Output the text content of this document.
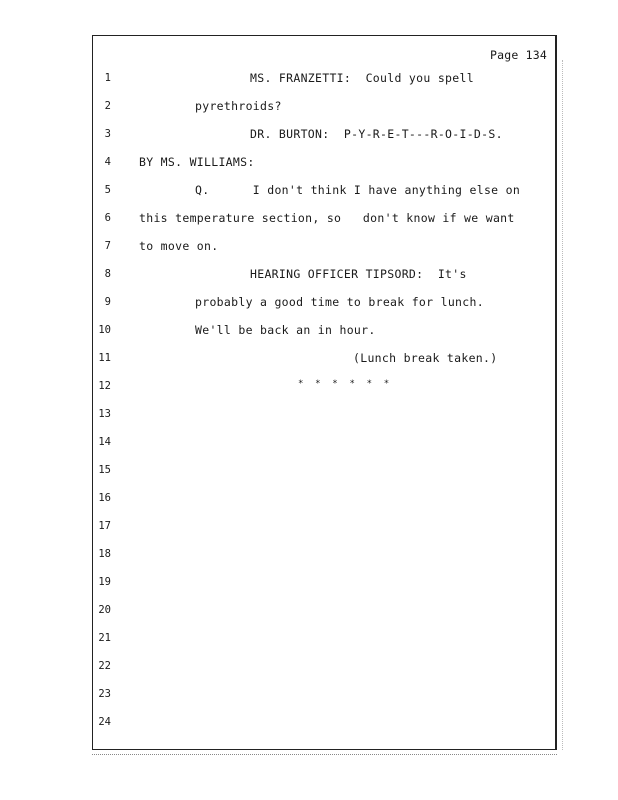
Page 134
1	MS. FRANZETTI:  Could you spell
2	pyrethroids?
3	DR. BURTON:  P-Y-R-E-T---R-O-I-D-S.
4 BY MS. WILLIAMS:
5	Q.      I don't think I have anything else on
6 this temperature section, so   don't know if we want
7 to move on.
8	HEARING OFFICER TIPSORD:  It's
9	probably a good time to break for lunch.
10	We'll be back an in hour.
11	(Lunch break taken.)
12	*  *  *  *  *  *
13
14
15
16
17
18
19
20
21
22
23
24
